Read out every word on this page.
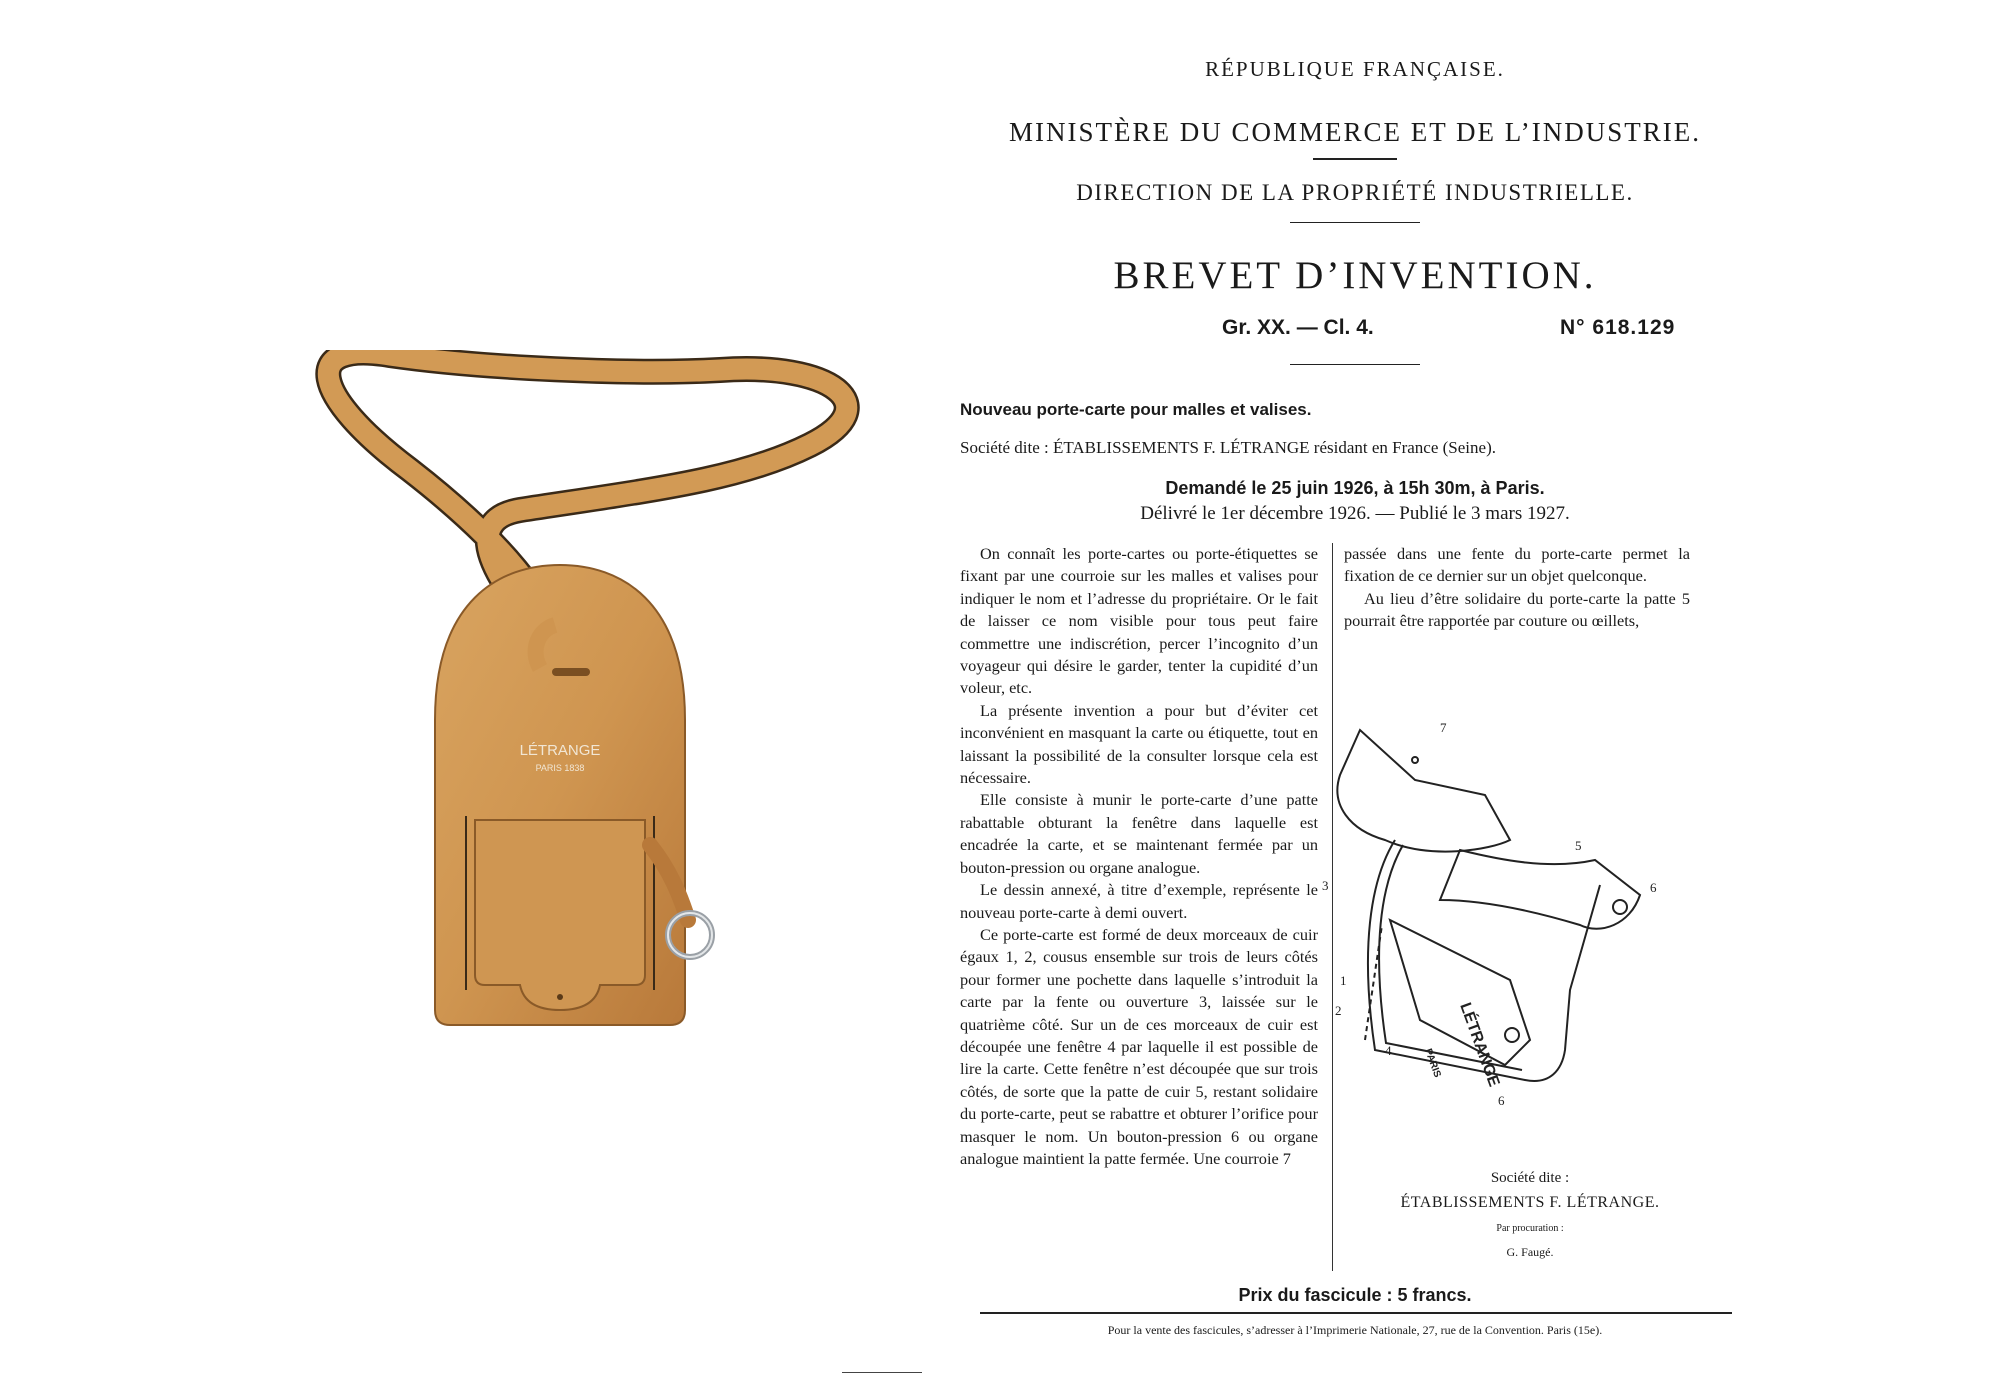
LÉTRANGE
PARIS 1838
RÉPUBLIQUE FRANÇAISE.
MINISTÈRE DU COMMERCE ET DE L’INDUSTRIE.
DIRECTION DE LA PROPRIÉTÉ INDUSTRIELLE.
BREVET D’INVENTION.
Gr. XX. — Cl. 4.	N° 618.129
Nouveau porte-carte pour malles et valises.
Société dite : ÉTABLISSEMENTS F. LÉTRANGE résidant en France (Seine).
Demandé le 25 juin 1926, à 15h 30m, à Paris.
Délivré le 1er décembre 1926. — Publié le 3 mars 1927.

On connaît les porte-cartes ou porte-étiquettes se fixant par une courroie sur les malles et valises pour indiquer le nom et l’adresse du propriétaire. Or le fait de laisser ce nom visible pour tous peut faire commettre une indiscrétion, percer l’incognito d’un voyageur qui désire le garder, tenter la cupidité d’un voleur, etc.

La présente invention a pour but d’éviter cet inconvénient en masquant la carte ou étiquette, tout en laissant la possibilité de la consulter lorsque cela est nécessaire.

Elle consiste à munir le porte-carte d’une patte rabattable obturant la fenêtre dans laquelle est encadrée la carte, et se maintenant fermée par un bouton-pression ou organe analogue.

Le dessin annexé, à titre d’exemple, représente le nouveau porte-carte à demi ouvert.

Ce porte-carte est formé de deux morceaux de cuir égaux 1, 2, cousus ensemble sur trois de leurs côtés pour former une pochette dans laquelle s’introduit la carte par la fente ou ouverture 3, laissée sur le quatrième côté. Sur un de ces morceaux de cuir est découpée une fenêtre 4 par laquelle il est possible de lire la carte. Cette fenêtre n’est découpée que sur trois côtés, de sorte que la patte de cuir 5, restant solidaire du porte-carte, peut se rabattre et obturer l’orifice pour masquer le nom. Un bouton-pression 6 ou organe analogue maintient la patte fermée. Une courroie 7

passée dans une fente du porte-carte permet la fixation de ce dernier sur un objet quelconque.

Au lieu d’être solidaire du porte-carte la patte 5 pourrait être rapportée par couture ou œillets,

LÉTRANGE
PARIS
7
5
6
3
1
2
4
6
Société dite :
ÉTABLISSEMENTS F. LÉTRANGE.
Par procuration :
G. Faugé.
Prix du fascicule : 5 francs.
Pour la vente des fascicules, s’adresser à l’Imprimerie Nationale, 27, rue de la Convention. Paris (15e).
